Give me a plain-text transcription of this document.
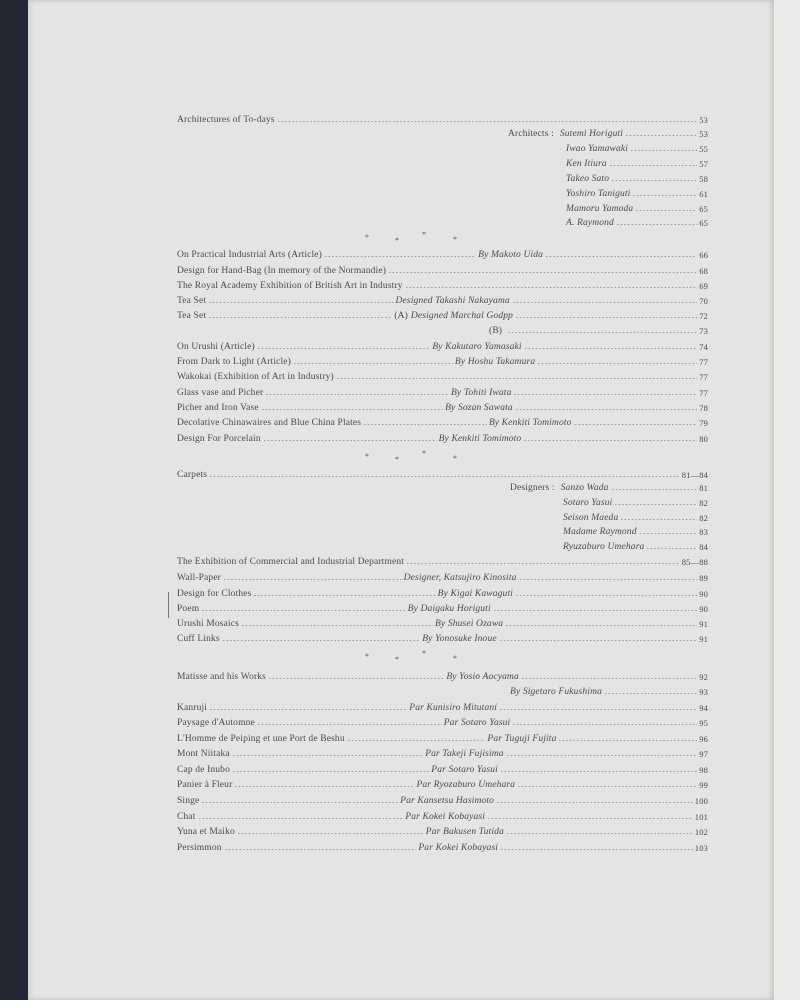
Architectures of To-days	53
Architects : Sutemi Horiguti	53
Iwao Yamawaki	55
Ken Itiura	57
Takeo Sato	58
Yoshiro Taniguti	61
Mamoru Yamoda	65
A. Raymond	65
*	*
*
*
On Practical Industrial Arts (Article)	By Makoto Uida	66
Design for Hand-Bag (In memory of the Normandie)	68
The Royal Academy Exhibition of British Art in Industry	69
Tea Set	Designed Takashi Nakayama	70
Tea Set	(A) Designed Marchal Godpp	72
(B)	73
On Urushi (Article)	By Kakutaro Yamasaki	74
From Dark to Light (Article)	By Hoshu Takamura	77
Wakokai (Exhibition of Art in Industry)	77
Glass vase and Picher	By Tohiti Iwata	77
Picher and Iron Vase	By Sozan Sawata	78
Decolative Chinawaires and Blue China Plates	By Kenkiti Tomimoto	79
Design For Porcelain	By Kenkiti Tomimoto	80
*	*
*
*
Carpets	81—84
Designers : Sanzo Wada	81
Sotaro Yasui	82
Seison Maeda	82
Madame Raymond	83
Ryuzaburo Umehara	84
The Exhibition of Commercial and Industrial Department	85—88
Wall-Paper	Designer, Katsujiro Kinosita	89
Design for Clothes	By Kigai Kawaguti	90
Poem	By Daigaku Horiguti	90
Urushi Mosaics	By Shusei Ozawa	91
Cuff Links	By Yonosuke Inoue	91
*	*
*
*
Matisse and his Works	By Yosio Aocyama	92
By Sigetaro Fukushima	93
Kanruji	Par Kunisiro Mitutani	94
Paysage d'Automne	Par Sotaro Yasui	95
L'Homme de Peiping et une Port de Beshu	Par Tuguji Fujita	96
Mont Niitaka	Par Takeji Fujisima	97
Cap de Inubo	Par Sotaro Yasui	98
Panier à Fleur	Par Ryozaburo Umehara	99
Singe	Par Kansetsu Hasimoto	100
Chat	Par Kokei Kobayasi	101
Yuna et Maiko	Par Bakusen Tutida	102
Persimmon	Par Kokei Kobayasi	103
